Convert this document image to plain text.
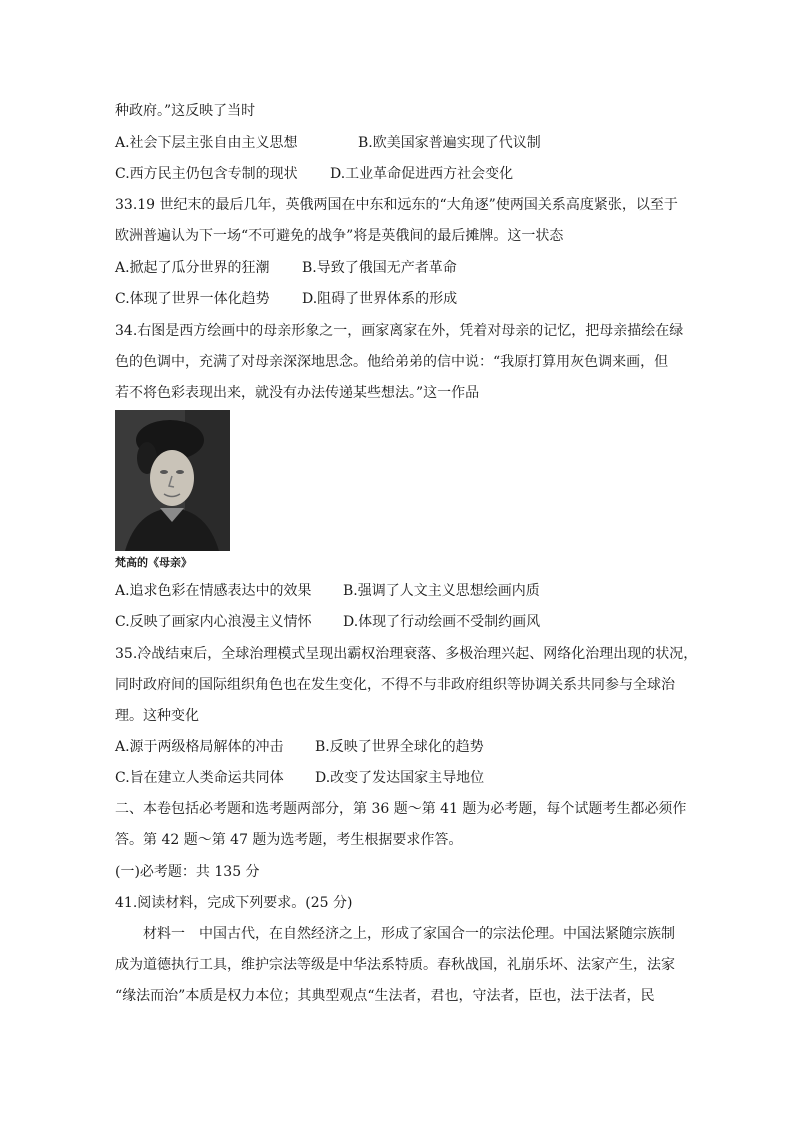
种政府。”这反映了当时
A.社会下层主张自由主义思想	B.欧美国家普遍实现了代议制
C.西方民主仍包含专制的现状 D.工业革命促进西方社会变化
33.19 世纪末的最后几年，英俄两国在中东和远东的“大角逐”使两国关系高度紧张，以至于
欧洲普遍认为下一场“不可避免的战争”将是英俄间的最后摊牌。这一状态
A.掀起了瓜分世界的狂潮 B.导致了俄国无产者革命
C.体现了世界一体化趋势 D.阻碍了世界体系的形成
34.右图是西方绘画中的母亲形象之一，画家离家在外，凭着对母亲的记忆，把母亲描绘在绿
色的色调中，充满了对母亲深深地思念。他给弟弟的信中说：“我原打算用灰色调来画，但
若不将色彩表现出来，就没有办法传递某些想法。”这一作品
梵高的《母亲》
A.追求色彩在情感表达中的效果 B.强调了人文主义思想绘画内质
C.反映了画家内心浪漫主义情怀 D.体现了行动绘画不受制约画风
35.冷战结束后，全球治理模式呈现出霸权治理衰落、多极治理兴起、网络化治理出现的状况，
同时政府间的国际组织角色也在发生变化，不得不与非政府组织等协调关系共同参与全球治
理。这种变化
A.源于两级格局解体的冲击 B.反映了世界全球化的趋势
C.旨在建立人类命运共同体 D.改变了发达国家主导地位
二、本卷包括必考题和选考题两部分，第 36 题～第 41 题为必考题，每个试题考生都必须作
答。第 42 题～第 47 题为选考题，考生根据要求作答。
(一)必考题：共 135 分
41.阅读材料，完成下列要求。(25 分)
材料一　中国古代，在自然经济之上，形成了家国合一的宗法伦理。中国法紧随宗族制
成为道德执行工具，维护宗法等级是中华法系特质。春秋战国，礼崩乐坏、法家产生，法家
“缘法而治”本质是权力本位；其典型观点“生法者，君也，守法者，臣也，法于法者，民
